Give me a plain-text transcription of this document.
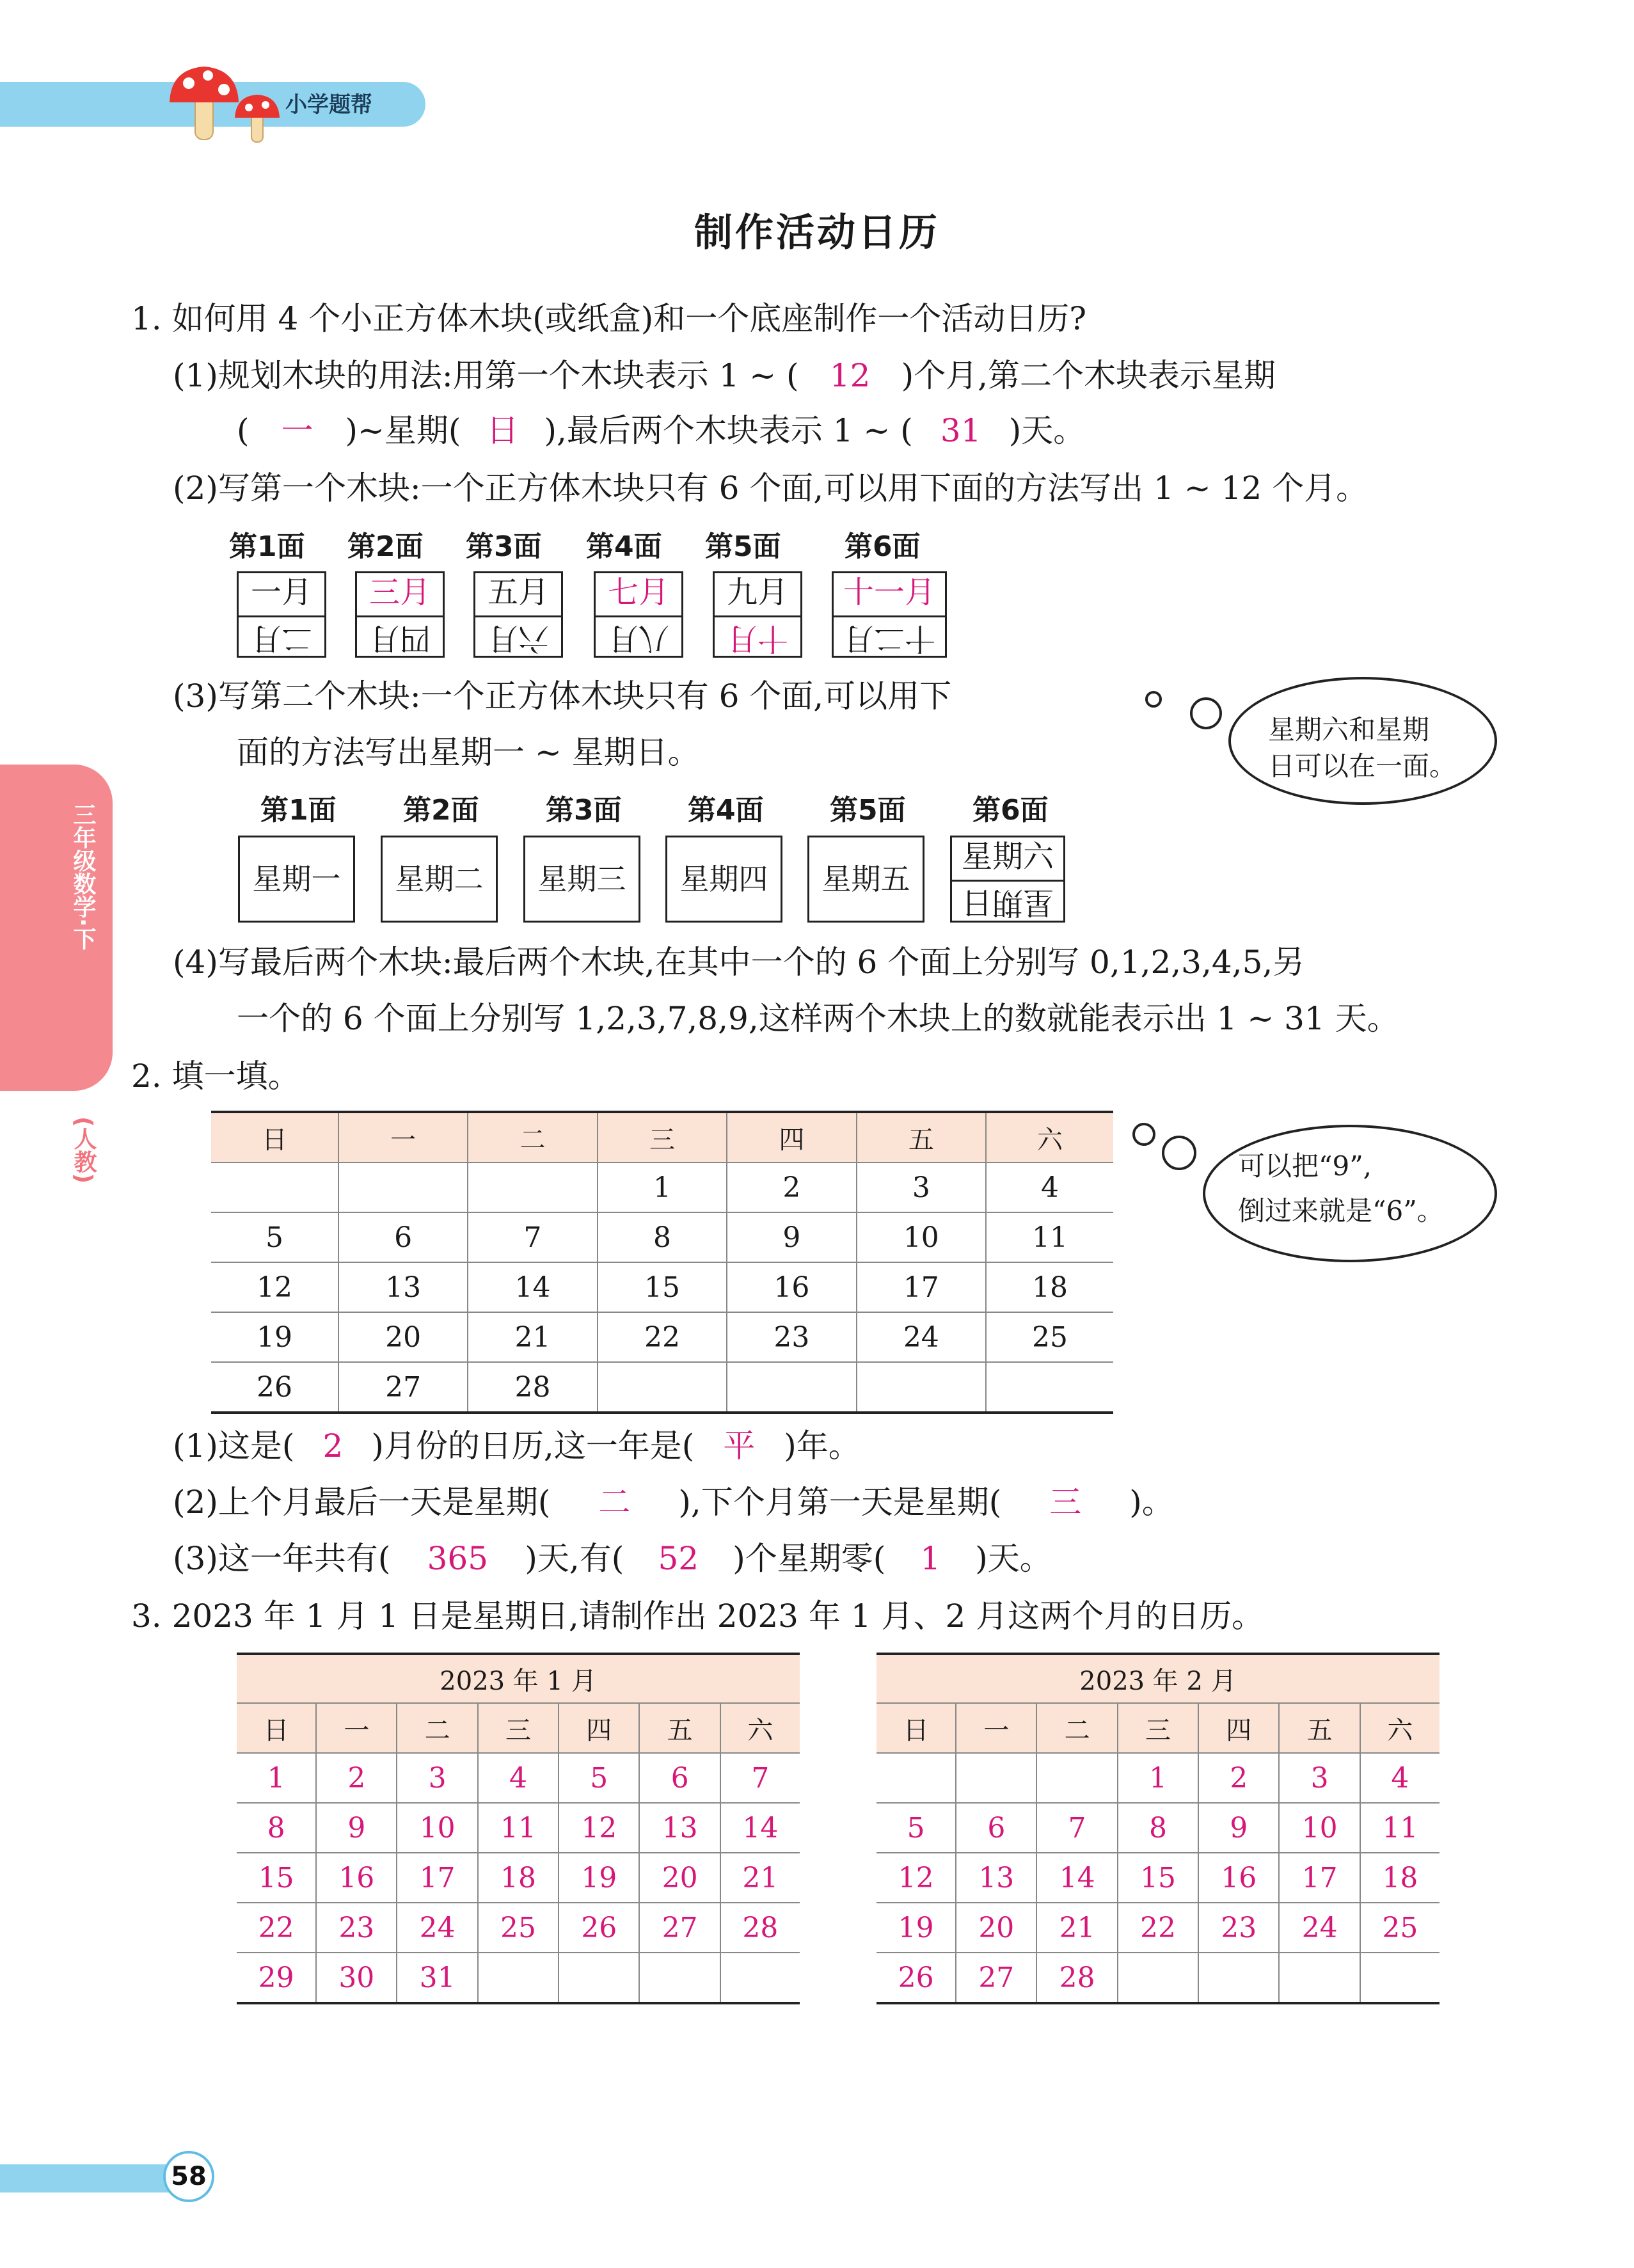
小学题帮
三年级数学·下
(人教)
制作活动日历
1. 如何用 4 个小正方体木块(或纸盒)和一个底座制作一个活动日历?
(1)规划木块的用法:用第一个木块表示 1 ~ ( 12 )个月,第二个木块表示星期
( 一 )~星期( 日 ),最后两个木块表示 1 ~ ( 31 )天。
(2)写第一个木块:一个正方体木块只有 6 个面,可以用下面的方法写出 1 ~ 12 个月。
第1面
一月
二月
第2面
三月
四月
第3面
五月
六月
第4面
七月
八月
第5面
九月
十月
第6面
十一月
十二月
(3)写第二个木块:一个正方体木块只有 6 个面,可以用下
面的方法写出星期一 ~ 星期日。
星期六和星期
日可以在一面。
第1面
星期一
第2面
星期二
第3面
星期三
第4面
星期四
第5面
星期五
第6面
星期六
星期日
(4)写最后两个木块:最后两个木块,在其中一个的 6 个面上分别写 0,1,2,3,4,5,另
一个的 6 个面上分别写 1,2,3,7,8,9,这样两个木块上的数就能表示出 1 ~ 31 天。
2. 填一填。
日	一	二	三	四	五	六
			1	2	3	4
5	6	7	8	9	10	11
12	13	14	15	16	17	18
19	20	21	22	23	24	25
26	27	28				
可以把“9”,
倒过来就是“6”。
(1)这是( 2 )月份的日历,这一年是( 平 )年。
(2)上个月最后一天是星期( 二 ),下个月第一天是星期( 三 )。
(3)这一年共有( 365 )天,有( 52 )个星期零( 1 )天。
3. 2023 年 1 月 1 日是星期日,请制作出 2023 年 1 月、2 月这两个月的日历。
2023 年 1 月						
日	一	二	三	四	五	六
1	2	3	4	5	6	7
8	9	10	11	12	13	14
15	16	17	18	19	20	21
22	23	24	25	26	27	28
29	30	31				
2023 年 2 月						
日	一	二	三	四	五	六
			1	2	3	4
5	6	7	8	9	10	11
12	13	14	15	16	17	18
19	20	21	22	23	24	25
26	27	28				
58
